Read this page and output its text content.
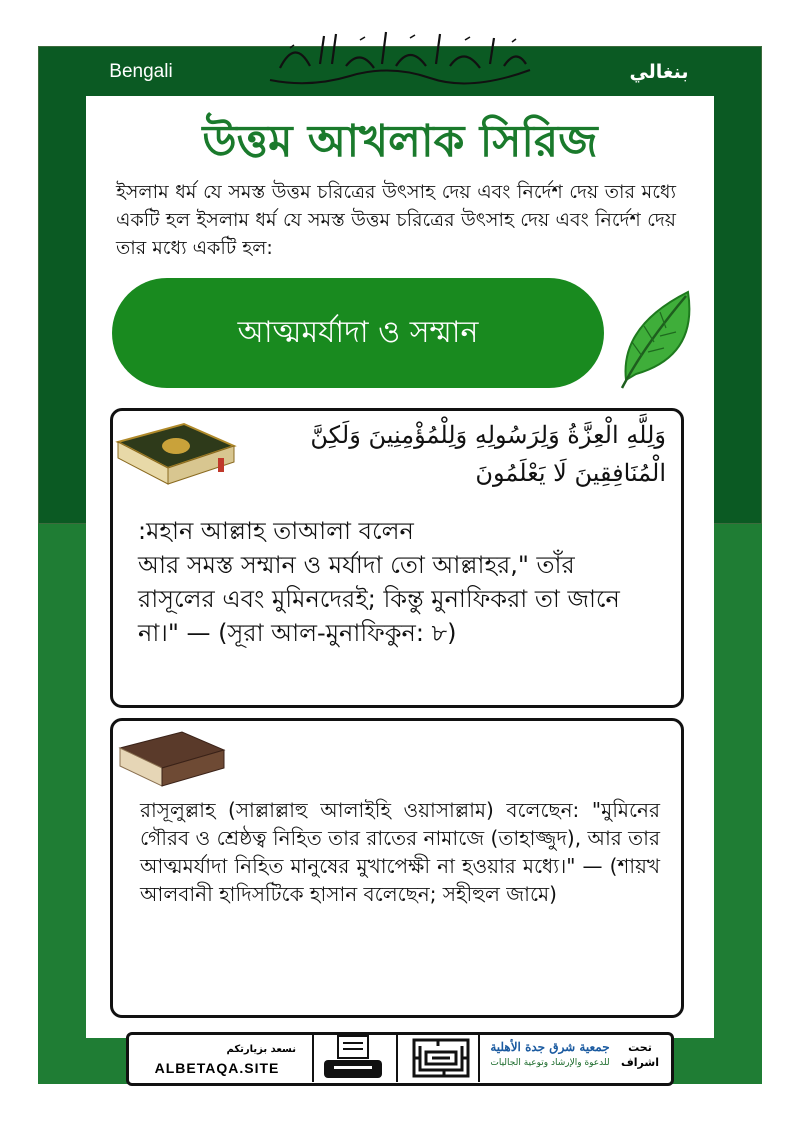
Bengali	بنغالي
بسم الله الرحمن الرحيم
উত্তম আখলাক সিরিজ
ইসলাম ধর্ম যে সমস্ত উত্তম চরিত্রের উৎসাহ দেয় এবং নির্দেশ দেয় তার মধ্যে একটি হল ইসলাম ধর্ম যে সমস্ত উত্তম চরিত্রের উৎসাহ দেয় এবং নির্দেশ দেয় তার মধ্যে একটি হল:
আত্মমর্যাদা ও সম্মান
وَلِلَّهِ الْعِزَّةُ وَلِرَسُولِهِ وَلِلْمُؤْمِنِينَ وَلَكِنَّ الْمُنَافِقِينَ لَا يَعْلَمُونَ
:মহান আল্লাহ তাআলা বলেন
আর সমস্ত সম্মান ও মর্যাদা তো আল্লাহর," তাঁর রাসূলের এবং মুমিনদেরই; কিন্তু মুনাফিকরা তা জানে না।" — (সূরা আল-মুনাফিকুন: ৮)
রাসূলুল্লাহ (সাল্লাল্লাহু আলাইহি ওয়াসাল্লাম) বলেছেন: "মুমিনের গৌরব ও শ্রেষ্ঠত্ব নিহিত তার রাতের নামাজে (তাহাজ্জুদ), আর তার আত্মমর্যাদা নিহিত মানুষের মুখাপেক্ষী না হওয়ার মধ্যে।" — (শায়খ আলবানী হাদিসটিকে হাসান বলেছেন; সহীহুল জামে)
نسعد بزيارتكم
ALBETAQA.SITE
جمعية شرق جدة الأهلية
للدعوة والإرشاد وتوعية الجاليات
تحت
اشراف
